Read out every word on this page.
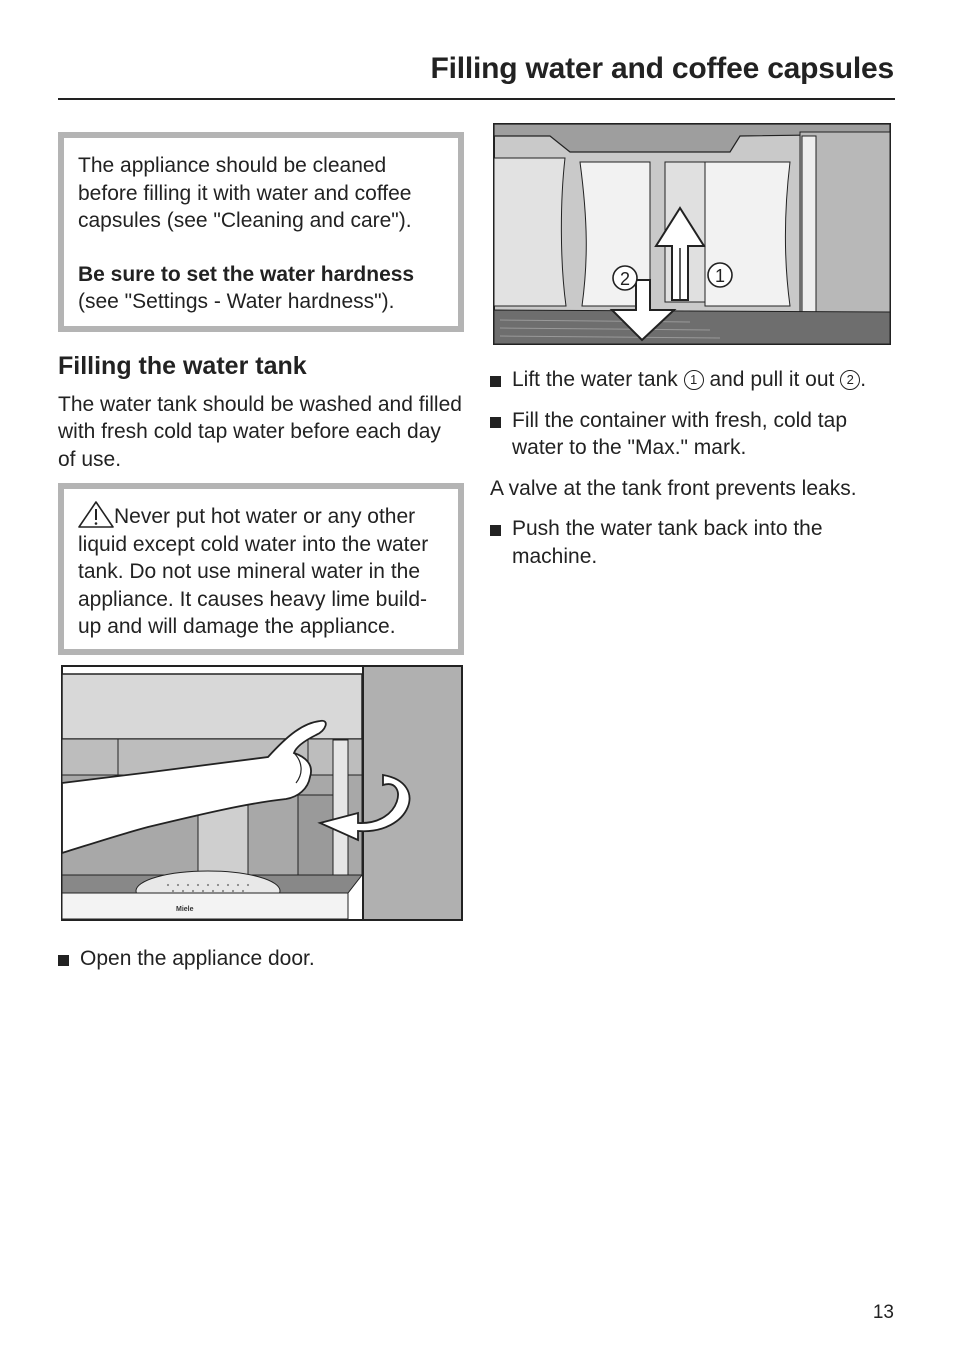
Filling water and coffee capsules

The appliance should be cleaned before filling it with water and coffee capsules (see "Cleaning and care").

Be sure to set the water hardness
(see "Settings - Water hardness").

Filling the water tank

The water tank should be washed and filled with fresh cold tap water before each day of use.

Never put hot water or any other liquid except cold water into the water tank. Do not use mineral water in the appliance. It causes heavy lime build-up and will damage the appliance.
Miele
Open the appliance door.
2	1
Lift the water tank 1 and pull it out 2 .
Fill the container with fresh, cold tap water to the "Max." mark.

A valve at the tank front prevents leaks.

Push the water tank back into the machine.
13
